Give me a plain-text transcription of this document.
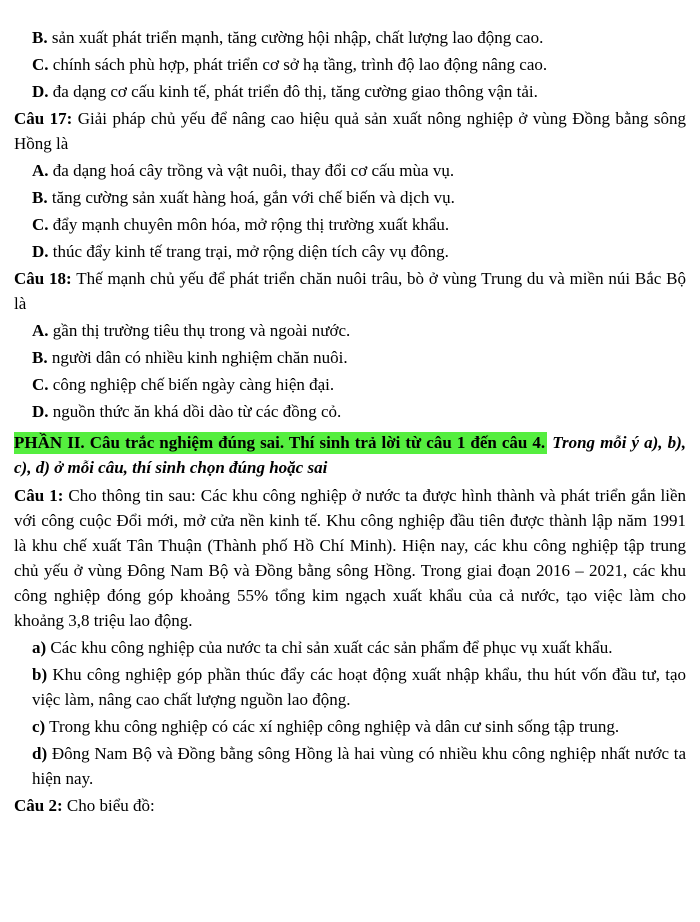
B. sản xuất phát triển mạnh, tăng cường hội nhập, chất lượng lao động cao.

C. chính sách phù hợp, phát triển cơ sở hạ tầng, trình độ lao động nâng cao.

D. đa dạng cơ cấu kinh tế, phát triển đô thị, tăng cường giao thông vận tải.

Câu 17: Giải pháp chủ yếu để nâng cao hiệu quả sản xuất nông nghiệp ở vùng Đồng bằng sông Hồng là

A. đa dạng hoá cây trồng và vật nuôi, thay đổi cơ cấu mùa vụ.

B. tăng cường sản xuất hàng hoá, gắn với chế biến và dịch vụ.

C. đẩy mạnh chuyên môn hóa, mở rộng thị trường xuất khẩu.

D. thúc đẩy kinh tế trang trại, mở rộng diện tích cây vụ đông.

Câu 18: Thế mạnh chủ yếu để phát triển chăn nuôi trâu, bò ở vùng Trung du và miền núi Bắc Bộ là

A. gần thị trường tiêu thụ trong và ngoài nước.

B. người dân có nhiều kinh nghiệm chăn nuôi.

C. công nghiệp chế biến ngày càng hiện đại.

D. nguồn thức ăn khá dồi dào từ các đồng cỏ.

PHẦN II. Câu trắc nghiệm đúng sai. Thí sinh trả lời từ câu 1 đến câu 4. Trong mỗi ý a), b), c), d) ở mỗi câu, thí sinh chọn đúng hoặc sai

Câu 1: Cho thông tin sau: Các khu công nghiệp ở nước ta được hình thành và phát triển gắn liền với công cuộc Đổi mới, mở cửa nền kinh tế. Khu công nghiệp đầu tiên được thành lập năm 1991 là khu chế xuất Tân Thuận (Thành phố Hồ Chí Minh). Hiện nay, các khu công nghiệp tập trung chủ yếu ở vùng Đông Nam Bộ và Đồng bằng sông Hồng. Trong giai đoạn 2016 – 2021, các khu công nghiệp đóng góp khoảng 55% tổng kim ngạch xuất khẩu của cả nước, tạo việc làm cho khoảng 3,8 triệu lao động.

a) Các khu công nghiệp của nước ta chỉ sản xuất các sản phẩm để phục vụ xuất khẩu.

b) Khu công nghiệp góp phần thúc đẩy các hoạt động xuất nhập khẩu, thu hút vốn đầu tư, tạo việc làm, nâng cao chất lượng nguồn lao động.

c) Trong khu công nghiệp có các xí nghiệp công nghiệp và dân cư sinh sống tập trung.

d) Đông Nam Bộ và Đồng bằng sông Hồng là hai vùng có nhiều khu công nghiệp nhất nước ta hiện nay.

Câu 2: Cho biểu đồ:
